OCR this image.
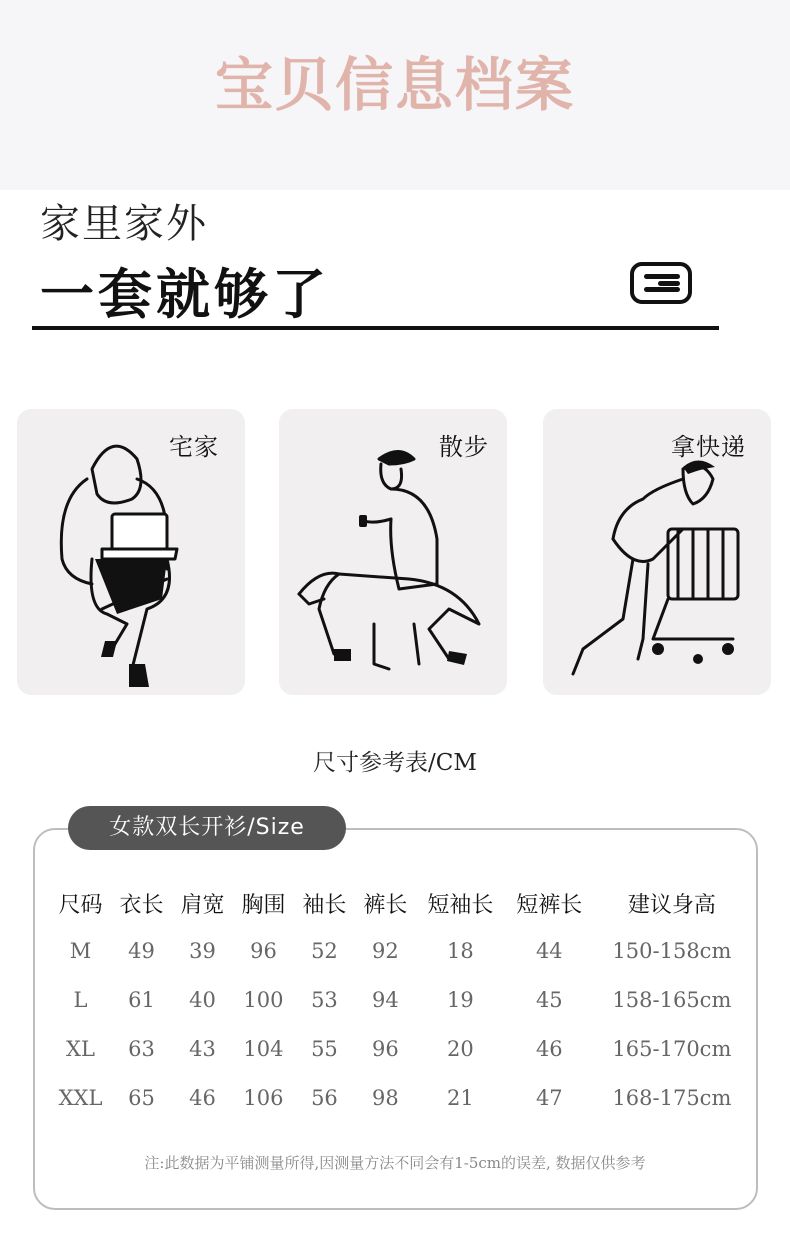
宝贝信息档案
家里家外
一套就够了
宅家	散步	拿快递
尺寸参考表/CM
女款双长开衫/Size
尺码	衣长	肩宽	胸围	袖长	裤长	短袖长	短裤长	建议身高
M	49	39	96	52	92	18	44	150-158cm
L	61	40	100	53	94	19	45	158-165cm
XL	63	43	104	55	96	20	46	165-170cm
XXL	65	46	106	56	98	21	47	168-175cm
注:此数据为平铺测量所得,因测量方法不同会有1-5cm的误差, 数据仅供参考
